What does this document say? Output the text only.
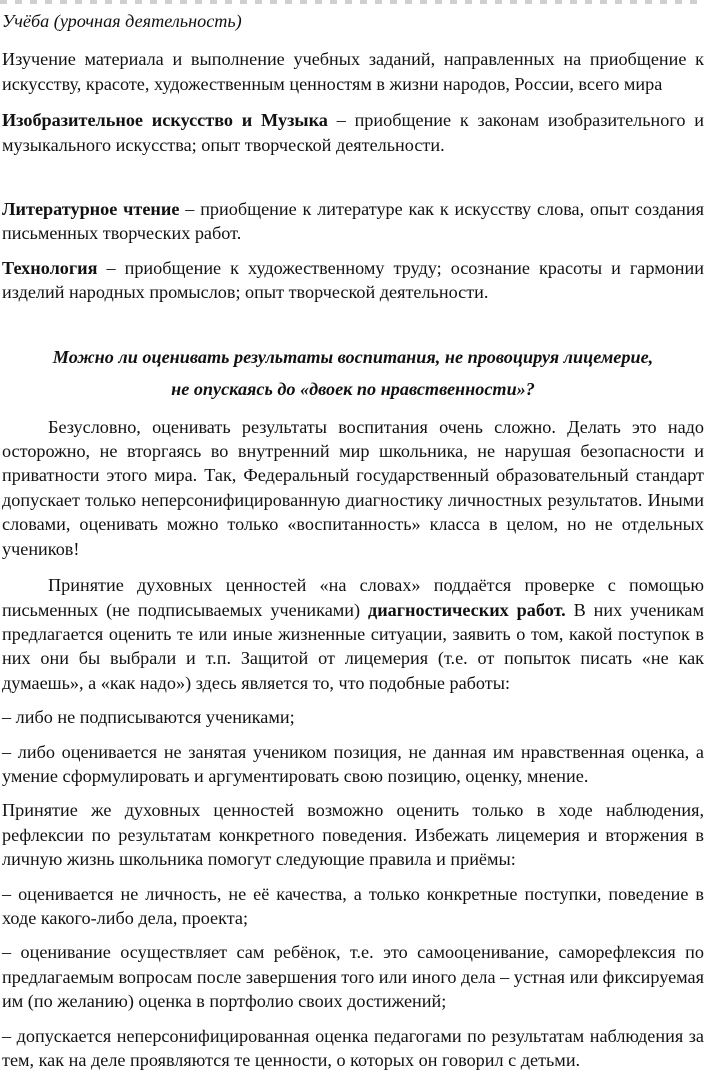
Учёба (урочная деятельность)

Изучение материала и выполнение учебных заданий, направленных на приобщение к искусству, красоте, художественным ценностям в жизни народов, России, всего мира

Изобразительное искусство и Музыка – приобщение к законам изобразительного и музыкального искусства; опыт творческой деятельности.

Литературное чтение – приобщение к литературе как к искусству слова, опыт создания письменных творческих работ.

Технология – приобщение к художественному труду; осознание красоты и гармонии изделий народных промыслов; опыт творческой деятельности.

Можно ли оценивать результаты воспитания, не провоцируя лицемерие,

не опускаясь до «двоек по нравственности»?

Безусловно, оценивать результаты воспитания очень сложно. Делать это надо осторожно, не вторгаясь во внутренний мир школьника, не нарушая безопасности и приватности этого мира. Так, Федеральный государственный образовательный стандарт допускает только неперсонифицированную диагностику личностных результатов. Иными словами, оценивать можно только «воспитанность» класса в целом, но не отдельных учеников!

Принятие духовных ценностей «на словах» поддаётся проверке с помощью письменных (не подписываемых учениками) диагностических работ. В них ученикам предлагается оценить те или иные жизненные ситуации, заявить о том, какой поступок в них они бы выбрали и т.п. Защитой от лицемерия (т.е. от попыток писать «не как думаешь», а «как надо») здесь является то, что подобные работы:

– либо не подписываются учениками;

– либо оценивается не занятая учеником позиция, не данная им нравственная оценка, а умение сформулировать и аргументировать свою позицию, оценку, мнение.

Принятие же духовных ценностей возможно оценить только в ходе наблюдения, рефлексии по результатам конкретного поведения. Избежать лицемерия и вторжения в личную жизнь школьника помогут следующие правила и приёмы:

– оценивается не личность, не её качества, а только конкретные поступки, поведение в ходе какого-либо дела, проекта;

– оценивание осуществляет сам ребёнок, т.е. это самооценивание, саморефлексия по предлагаемым вопросам после завершения того или иного дела – устная или фиксируемая им (по желанию) оценка в портфолио своих достижений;

– допускается неперсонифицированная оценка педагогами по результатам наблюдения за тем, как на деле проявляются те ценности, о которых он говорил с детьми.
